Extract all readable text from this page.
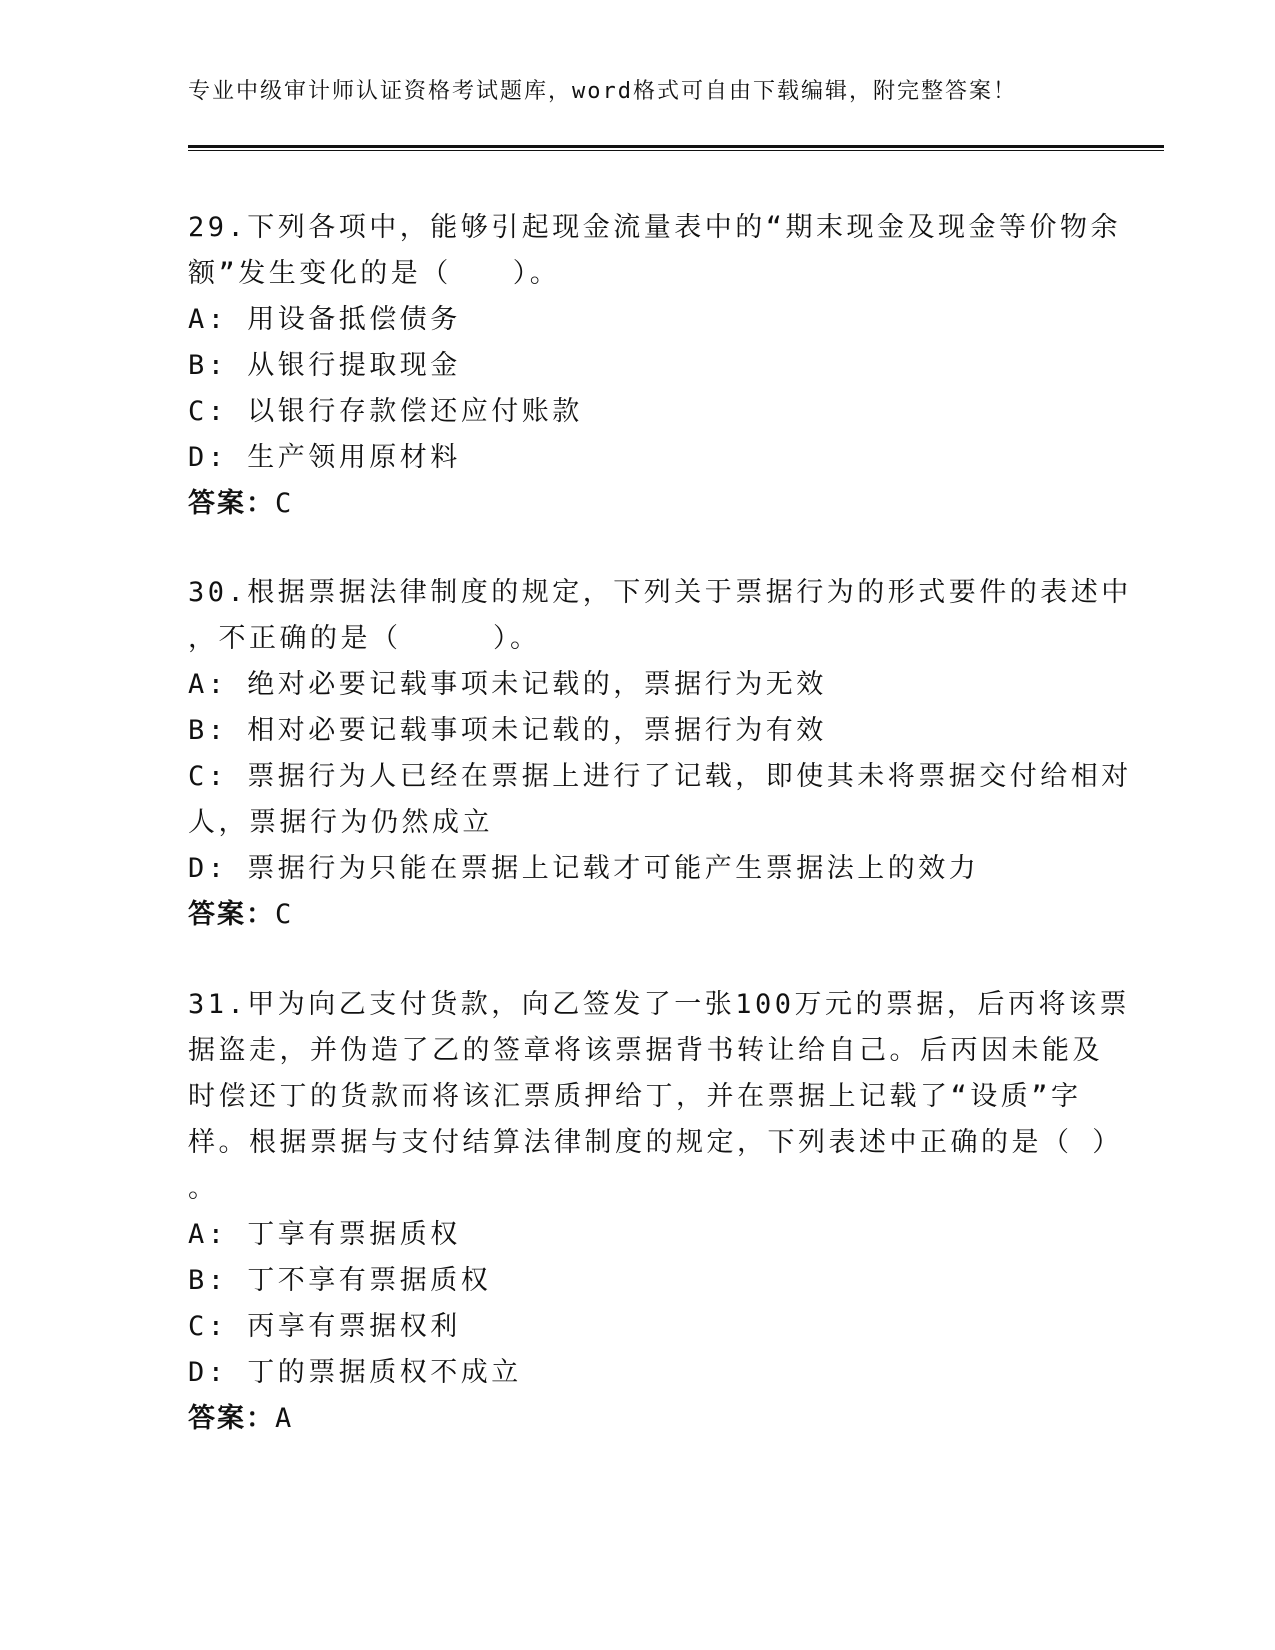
专业中级审计师认证资格考试题库，word格式可自由下载编辑，附完整答案！
29.下列各项中，能够引起现金流量表中的“期末现金及现金等价物余
额”发生变化的是（　　）。
A: 用设备抵偿债务
B: 从银行提取现金
C: 以银行存款偿还应付账款
D: 生产领用原材料
答案：C
30.根据票据法律制度的规定，下列关于票据行为的形式要件的表述中
，不正确的是（　　　）。
A: 绝对必要记载事项未记载的，票据行为无效
B: 相对必要记载事项未记载的，票据行为有效
C: 票据行为人已经在票据上进行了记载，即使其未将票据交付给相对
人，票据行为仍然成立
D: 票据行为只能在票据上记载才可能产生票据法上的效力
答案：C
31.甲为向乙支付货款，向乙签发了一张100万元的票据，后丙将该票
据盗走，并伪造了乙的签章将该票据背书转让给自己。后丙因未能及
时偿还丁的货款而将该汇票质押给丁，并在票据上记载了“设质”字
样。根据票据与支付结算法律制度的规定，下列表述中正确的是（ ）
。
A: 丁享有票据质权
B: 丁不享有票据质权
C: 丙享有票据权利
D: 丁的票据质权不成立
答案：A
